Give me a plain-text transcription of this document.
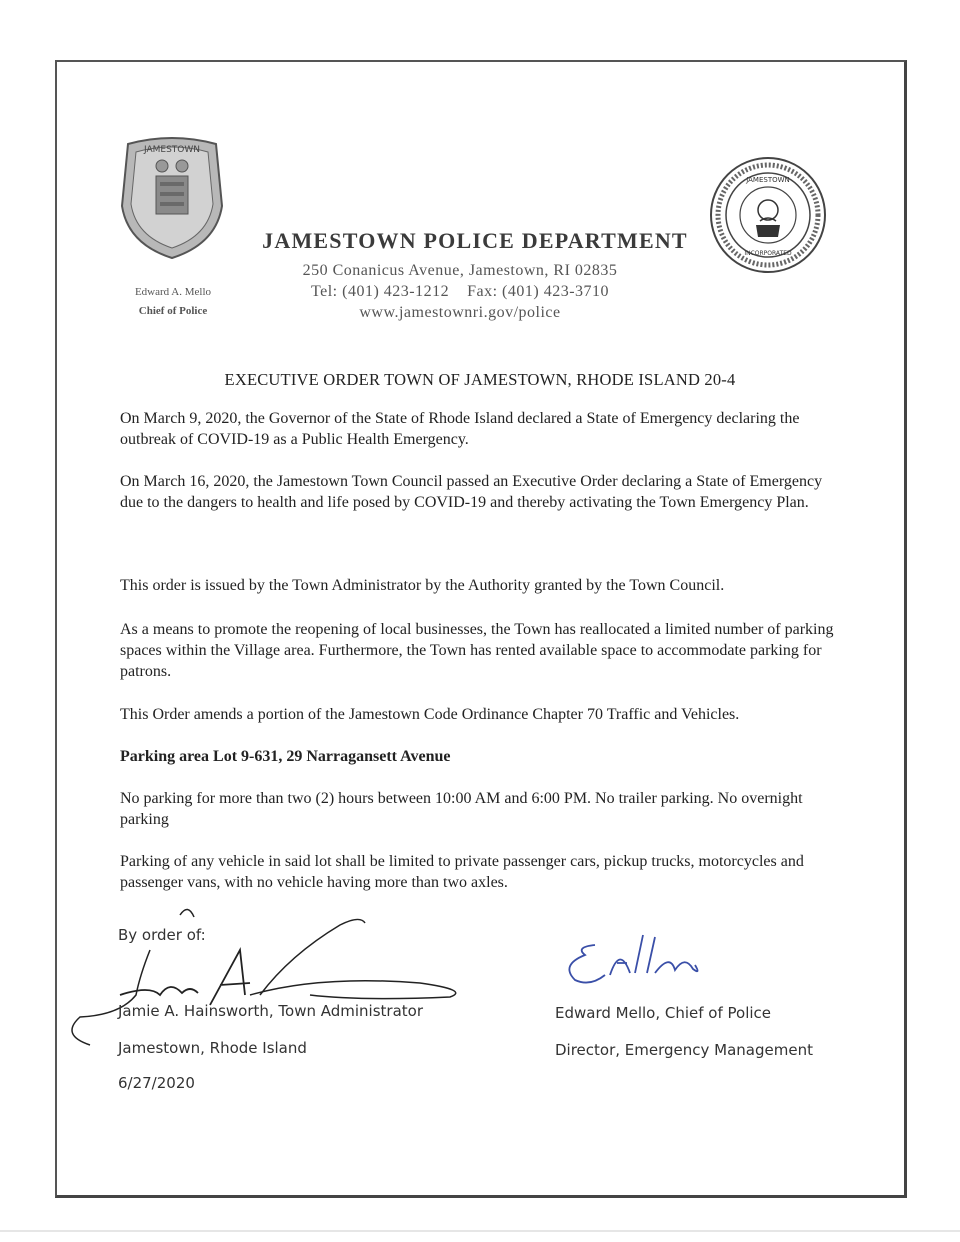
JAMESTOWN
JAMESTOWN
INCORPORATED
JAMESTOWN POLICE DEPARTMENT
250 Conanicus Avenue, Jamestown, RI 02835
Tel: (401) 423-1212    Fax: (401) 423-3710
www.jamestownri.gov/police
Edward A. Mello
Chief of Police
EXECUTIVE ORDER TOWN OF JAMESTOWN, RHODE ISLAND 20-4

On March 9, 2020, the Governor of the State of Rhode Island declared a State of Emergency declaring the outbreak of COVID-19 as a Public Health Emergency.

On March 16, 2020, the Jamestown Town Council passed an Executive Order declaring a State of Emergency due to the dangers to health and life posed by COVID-19 and thereby activating the Town Emergency Plan.

This order is issued by the Town Administrator by the Authority granted by the Town Council.

As a means to promote the reopening of local businesses, the Town has reallocated a limited number of parking spaces within the Village area. Furthermore, the Town has rented available space to accommodate parking for patrons.

This Order amends a portion of the Jamestown Code Ordinance Chapter 70 Traffic and Vehicles.

Parking area Lot 9-631, 29 Narragansett Avenue

No parking for more than two (2) hours between 10:00 AM and 6:00 PM. No trailer parking. No overnight parking

Parking of any vehicle in said lot shall be limited to private passenger cars, pickup trucks, motorcycles and passenger vans, with no vehicle having more than two axles.

By order of:
Jamie A. Hainsworth, Town Administrator
Jamestown, Rhode Island
6/27/2020
Edward Mello, Chief of Police
Director, Emergency Management
